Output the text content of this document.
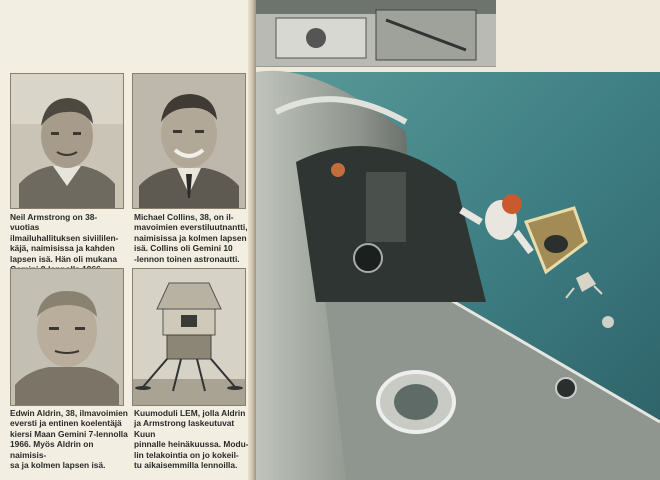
Neil Armstrong on 38-vuotias
ilmailuhallituksen siviililen-
käjä, naimisissa ja kahden
lapsen isä. Hän oli mukana

Michael Collins, 38, on il-
mavoimien everstiluutnantti,
naimisissa ja kolmen lapsen
isä. Collins oli Gemini 10
-lennon toinen astronautti.
Edwin Aldrin, 38, ilmavoimien
eversti ja entinen koelentäjä
kiersi Maan Gemini 7-lennolla
1966. Myös Aldrin on naimisis-
sa ja kolmen lapsen isä.
Kuumoduli LEM, jolla Aldrin
ja Armstrong laskeutuvat Kuun
pinnalle heinäkuussa. Modu-
lin telakointia on jo kokeil-
tu aikaisemmilla lennoilla.
